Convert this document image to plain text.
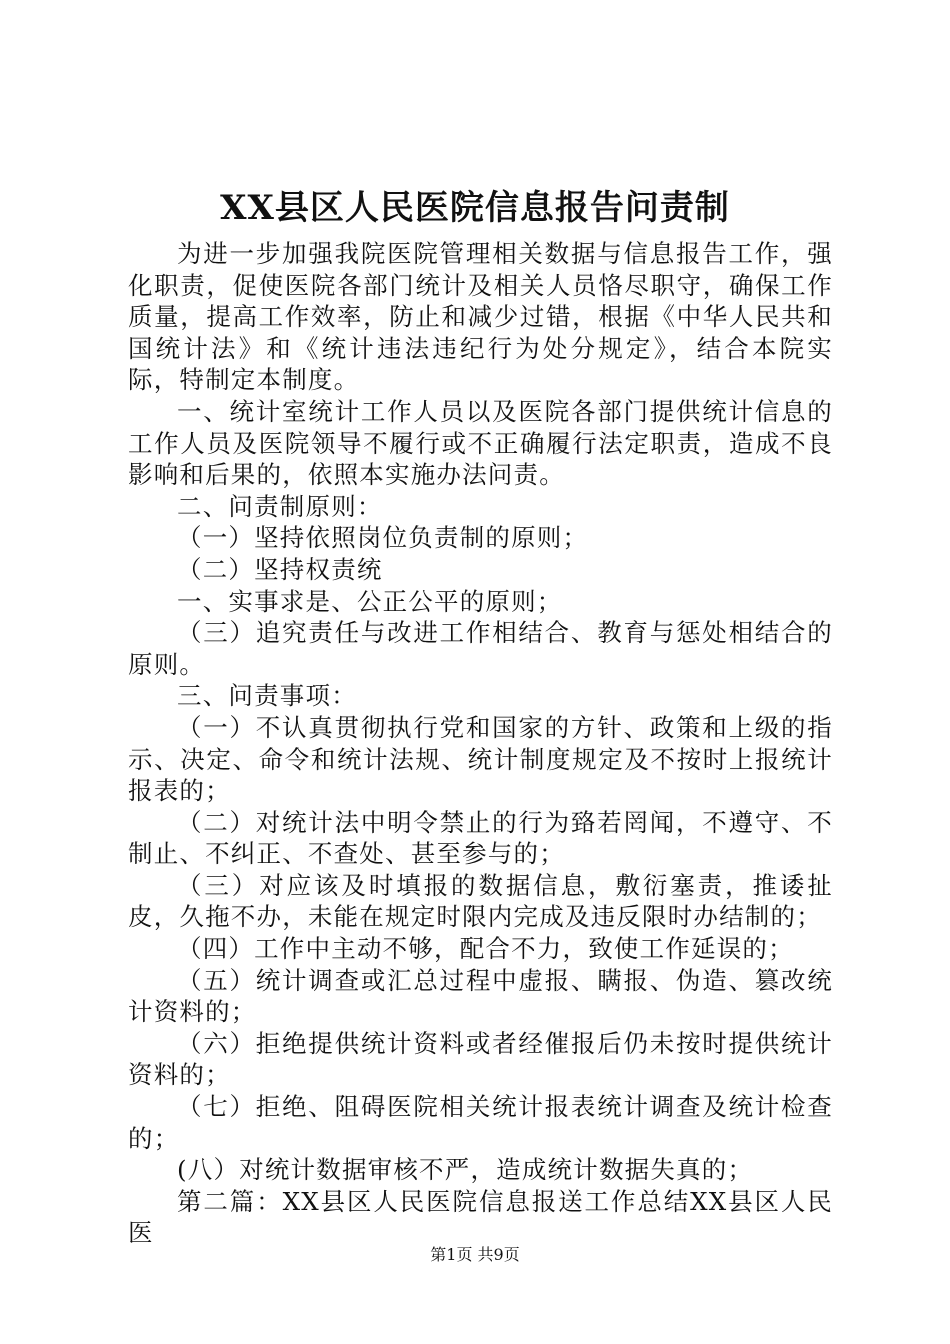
XX县区人民医院信息报告问责制

为进一步加强我院医院管理相关数据与信息报告工作，强化职责，促使医院各部门统计及相关人员恪尽职守，确保工作质量，提高工作效率，防止和减少过错，根据《中华人民共和国统计法》和《统计违法违纪行为处分规定》，结合本院实际，特制定本制度。

一、统计室统计工作人员以及医院各部门提供统计信息的工作人员及医院领导不履行或不正确履行法定职责，造成不良影响和后果的，依照本实施办法问责。

二、问责制原则：

（一）坚持依照岗位负责制的原则；

（二）坚持权责统

一、实事求是、公正公平的原则；

（三）追究责任与改进工作相结合、教育与惩处相结合的原则。

三、问责事项：

（一）不认真贯彻执行党和国家的方针、政策和上级的指示、决定、命令和统计法规、统计制度规定及不按时上报统计报表的；

（二）对统计法中明令禁止的行为臵若罔闻，不遵守、不制止、不纠正、不查处、甚至参与的；

（三）对应该及时填报的数据信息，敷衍塞责，推诿扯皮，久拖不办，未能在规定时限内完成及违反限时办结制的；

（四）工作中主动不够，配合不力，致使工作延误的；

（五）统计调查或汇总过程中虚报、瞒报、伪造、篡改统计资料的；

（六）拒绝提供统计资料或者经催报后仍未按时提供统计资料的；

（七）拒绝、阻碍医院相关统计报表统计调查及统计检查的；

(八）对统计数据审核不严，造成统计数据失真的；

第二篇：XX县区人民医院信息报送工作总结XX县区人民医

第1页 共9页
